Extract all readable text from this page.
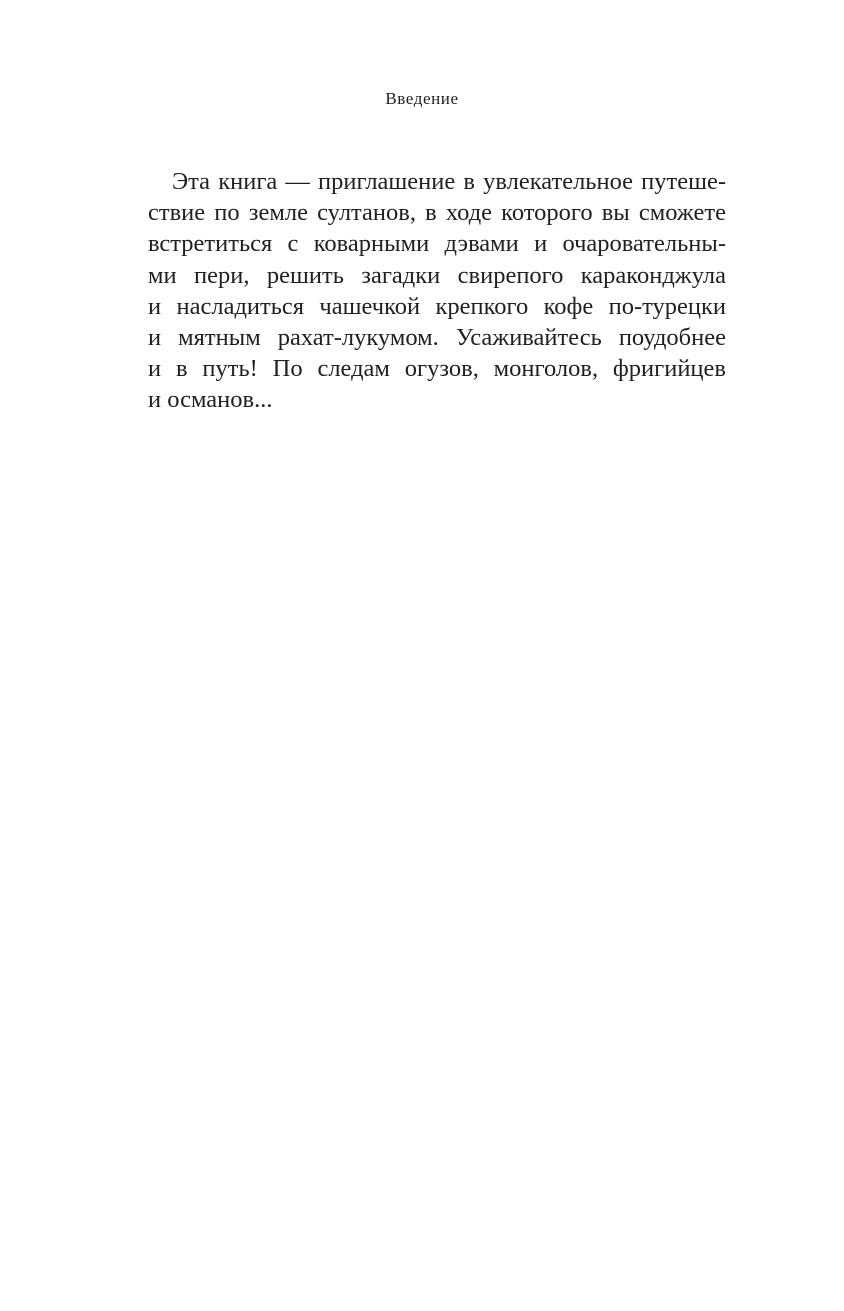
Введение
Эта книга — приглашение в увлекательное путеше-
ствие по земле султанов, в ходе которого вы сможете
встретиться с коварными дэвами и очаровательны-
ми пери, решить загадки свирепого караконджула
и насладиться чашечкой крепкого кофе по-турецки
и мятным рахат-лукумом. Усаживайтесь поудобнее
и в путь! По следам огузов, монголов, фригийцев
и османов...
